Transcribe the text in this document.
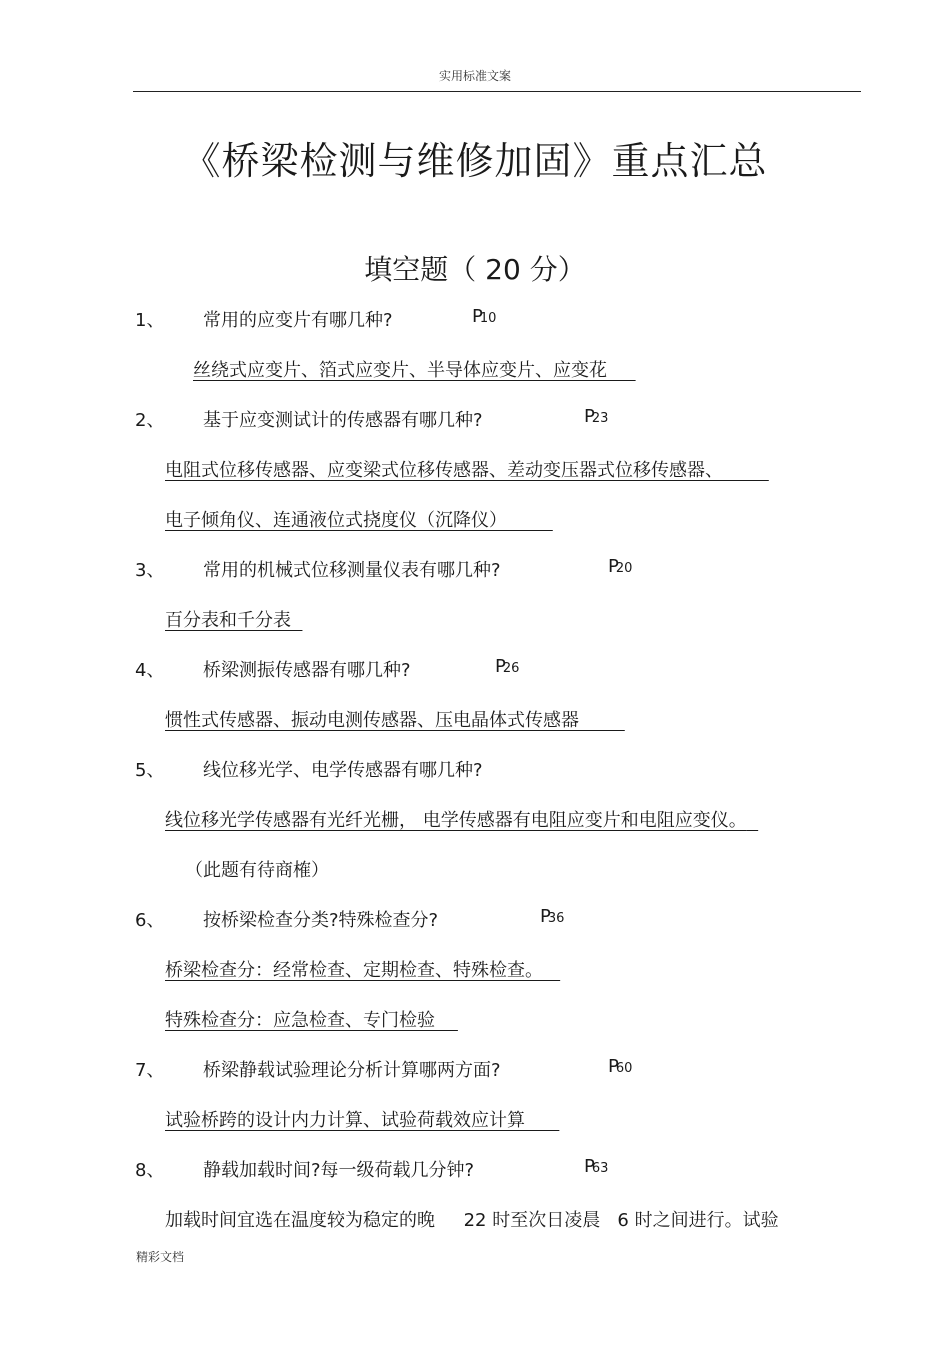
实用标准文案
《桥梁检测与维修加固》重点汇总
填空题（ 20 分）
1、 常用的应变片有哪几种?	P10
丝绕式应变片、箔式应变片、半导体应变片、应变花
2、 基于应变测试计的传感器有哪几种?	P23
电阻式位移传感器、应变梁式位移传感器、差动变压器式位移传感器、
电子倾角仪、连通液位式挠度仪（沉降仪）
3、 常用的机械式位移测量仪表有哪几种?	P20
百分表和千分表
4、 桥梁测振传感器有哪几种?	P26
惯性式传感器、振动电测传感器、压电晶体式传感器
5、 线位移光学、电学传感器有哪几种?
线位移光学传感器有光纤光栅， 电学传感器有电阻应变片和电阻应变仪。
（此题有待商榷）
6、 按桥梁检查分类?特殊检查分?	P36
桥梁检查分：经常检查、定期检查、特殊检查。
特殊检查分：应急检查、专门检验
7、 桥梁静载试验理论分析计算哪两方面?	P60
试验桥跨的设计内力计算、试验荷载效应计算
8、 静载加载时间?每一级荷载几分钟?	P63
加载时间宜选在温度较为稳定的晚     22 时至次日凌晨   6 时之间进行。试验
精彩文档
